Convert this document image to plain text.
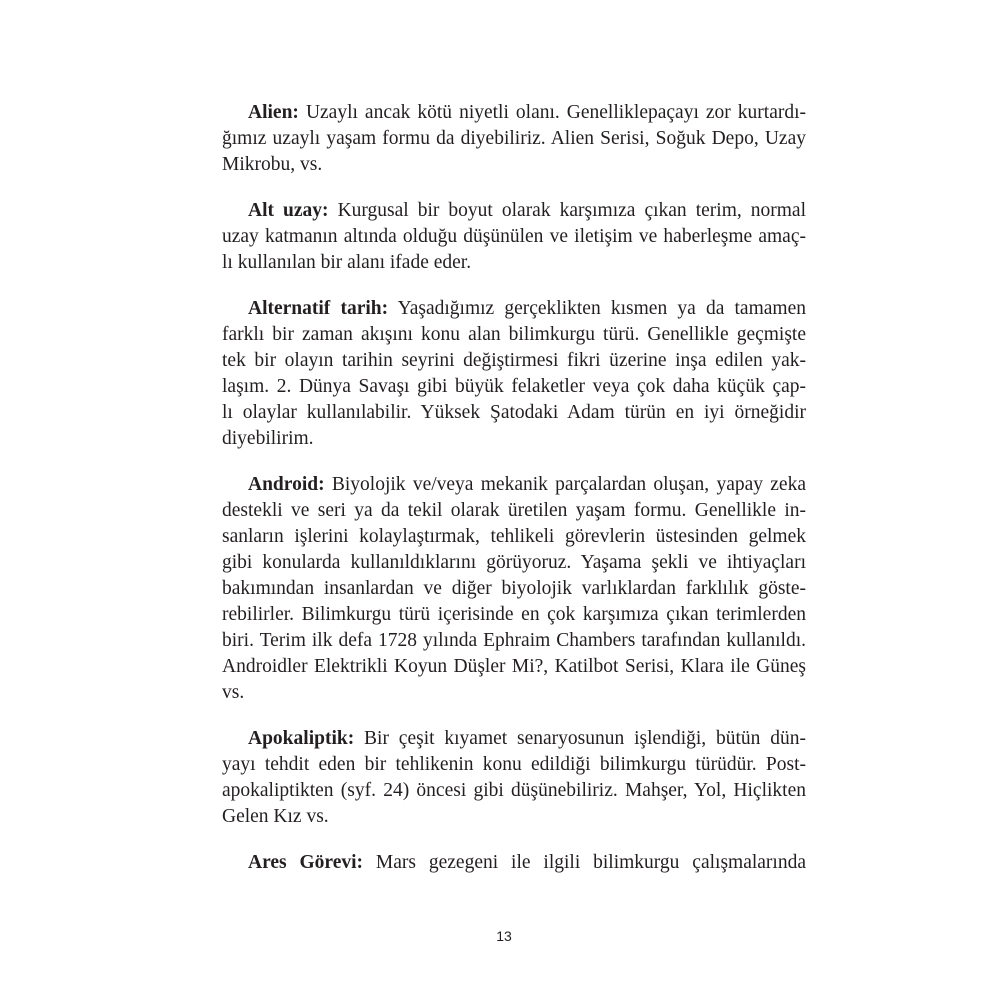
Alien: Uzaylı ancak kötü niyetli olanı. Genelliklepaçayı zor kurtardı-
ğımız uzaylı yaşam formu da diyebiliriz. Alien Serisi, Soğuk Depo, Uzay
Mikrobu, vs.
Alt uzay: Kurgusal bir boyut olarak karşımıza çıkan terim, normal
uzay katmanın altında olduğu düşünülen ve iletişim ve haberleşme amaç-
lı kullanılan bir alanı ifade eder.
Alternatif tarih: Yaşadığımız gerçeklikten kısmen ya da tamamen
farklı bir zaman akışını konu alan bilimkurgu türü. Genellikle geçmişte
tek bir olayın tarihin seyrini değiştirmesi fikri üzerine inşa edilen yak-
laşım. 2. Dünya Savaşı gibi büyük felaketler veya çok daha küçük çap-
lı olaylar kullanılabilir. Yüksek Şatodaki Adam türün en iyi örneğidir
diyebilirim.
Android: Biyolojik ve/veya mekanik parçalardan oluşan, yapay zeka
destekli ve seri ya da tekil olarak üretilen yaşam formu. Genellikle in-
sanların işlerini kolaylaştırmak, tehlikeli görevlerin üstesinden gelmek
gibi konularda kullanıldıklarını görüyoruz. Yaşama şekli ve ihtiyaçları
bakımından insanlardan ve diğer biyolojik varlıklardan farklılık göste-
rebilirler. Bilimkurgu türü içerisinde en çok karşımıza çıkan terimlerden
biri. Terim ilk defa 1728 yılında Ephraim Chambers tarafından kullanıldı.
Androidler Elektrikli Koyun Düşler Mi?, Katilbot Serisi, Klara ile Güneş
vs.
Apokaliptik: Bir çeşit kıyamet senaryosunun işlendiği, bütün dün-
yayı tehdit eden bir tehlikenin konu edildiği bilimkurgu türüdür. Post-
apokaliptikten (syf. 24) öncesi gibi düşünebiliriz. Mahşer, Yol, Hiçlikten
Gelen Kız vs.
Ares Görevi: Mars gezegeni ile ilgili bilimkurgu çalışmalarında
13
